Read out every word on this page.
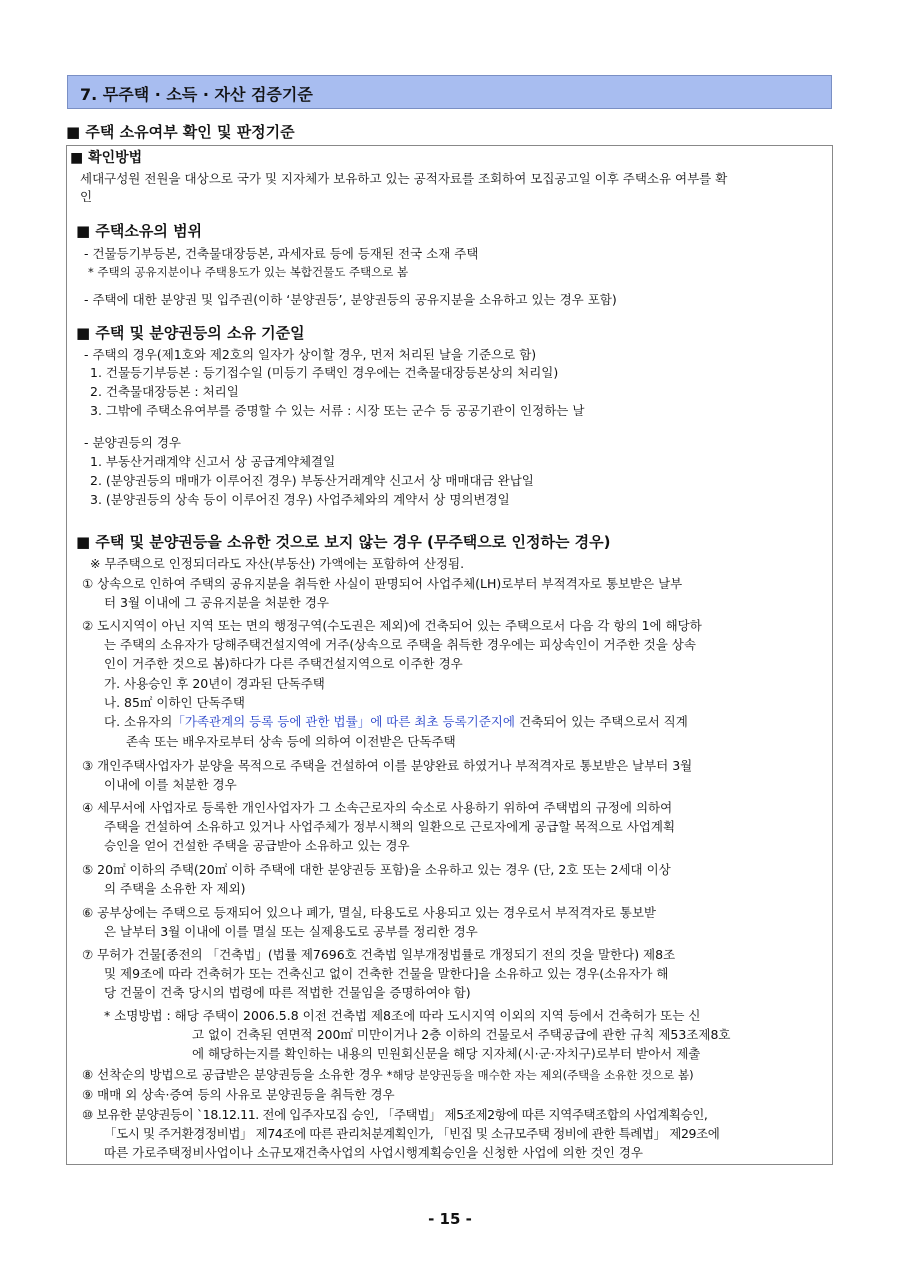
7. 무주택 · 소득 · 자산 검증기준
■ 주택 소유여부 확인 및 판정기준
■ 확인방법
세대구성원 전원을 대상으로 국가 및 지자체가 보유하고 있는 공적자료를 조회하여 모집공고일 이후 주택소유 여부를 확
인
■ 주택소유의 범위
- 건물등기부등본, 건축물대장등본, 과세자료 등에 등재된 전국 소재 주택
* 주택의 공유지분이나 주택용도가 있는 복합건물도 주택으로 봄
- 주택에 대한 분양권 및 입주권(이하 ‘분양권등’, 분양권등의 공유지분을 소유하고 있는 경우 포함)
■ 주택 및 분양권등의 소유 기준일
- 주택의 경우(제1호와 제2호의 일자가 상이할 경우, 먼저 처리된 날을 기준으로 함)
1. 건물등기부등본 : 등기접수일 (미등기 주택인 경우에는 건축물대장등본상의 처리일)
2. 건축물대장등본 : 처리일
3. 그밖에 주택소유여부를 증명할 수 있는 서류 : 시장 또는 군수 등 공공기관이 인정하는 날
- 분양권등의 경우
1. 부동산거래계약 신고서 상 공급계약체결일
2. (분양권등의 매매가 이루어진 경우) 부동산거래계약 신고서 상 매매대금 완납일
3. (분양권등의 상속 등이 이루어진 경우) 사업주체와의 계약서 상 명의변경일
■ 주택 및 분양권등을 소유한 것으로 보지 않는 경우 (무주택으로 인정하는 경우)
※ 무주택으로 인정되더라도 자산(부동산) 가액에는 포함하여 산정됨.
① 상속으로 인하여 주택의 공유지분을 취득한 사실이 판명되어 사업주체(LH)로부터 부적격자로 통보받은 날부
터 3월 이내에 그 공유지분을 처분한 경우
② 도시지역이 아닌 지역 또는 면의 행정구역(수도권은 제외)에 건축되어 있는 주택으로서 다음 각 항의 1에 해당하
는 주택의 소유자가 당해주택건설지역에 거주(상속으로 주택을 취득한 경우에는 피상속인이 거주한 것을 상속
인이 거주한 것으로 봄)하다가 다른 주택건설지역으로 이주한 경우
가. 사용승인 후 20년이 경과된 단독주택
나. 85㎡ 이하인 단독주택
다. 소유자의「가족관계의 등록 등에 관한 법률」에 따른 최초 등록기준지에 건축되어 있는 주택으로서 직계
존속 또는 배우자로부터 상속 등에 의하여 이전받은 단독주택
③ 개인주택사업자가 분양을 목적으로 주택을 건설하여 이를 분양완료 하였거나 부적격자로 통보받은 날부터 3월
이내에 이를 처분한 경우
④ 세무서에 사업자로 등록한 개인사업자가 그 소속근로자의 숙소로 사용하기 위하여 주택법의 규정에 의하여
주택을 건설하여 소유하고 있거나 사업주체가 정부시책의 일환으로 근로자에게 공급할 목적으로 사업계획
승인을 얻어 건설한 주택을 공급받아 소유하고 있는 경우
⑤ 20㎡ 이하의 주택(20㎡ 이하 주택에 대한 분양권등 포함)을 소유하고 있는 경우 (단, 2호 또는 2세대 이상
의 주택을 소유한 자 제외)
⑥ 공부상에는 주택으로 등재되어 있으나 폐가, 멸실, 타용도로 사용되고 있는 경우로서 부적격자로 통보받
은 날부터 3월 이내에 이를 멸실 또는 실제용도로 공부를 정리한 경우
⑦ 무허가 건물[종전의 「건축법」(법률 제7696호 건축법 일부개정법률로 개정되기 전의 것을 말한다) 제8조
및 제9조에 따라 건축허가 또는 건축신고 없이 건축한 건물을 말한다]을 소유하고 있는 경우(소유자가 해
당 건물이 건축 당시의 법령에 따른 적법한 건물임을 증명하여야 함)
* 소명방법 : 해당 주택이 2006.5.8 이전 건축법 제8조에 따라 도시지역 이외의 지역 등에서 건축허가 또는 신
고 없이 건축된 연면적 200㎡ 미만이거나 2층 이하의 건물로서 주택공급에 관한 규칙 제53조제8호
에 해당하는지를 확인하는 내용의 민원회신문을 해당 지자체(시·군·자치구)로부터 받아서 제출
⑧ 선착순의 방법으로 공급받은 분양권등을 소유한 경우 *해당 분양권등을 매수한 자는 제외(주택을 소유한 것으로 봄)
⑨ 매매 외 상속·증여 등의 사유로 분양권등을 취득한 경우
⑩ 보유한 분양권등이 `18.12.11. 전에 입주자모집 승인, 「주택법」 제5조제2항에 따른 지역주택조합의 사업계획승인,
「도시 및 주거환경정비법」 제74조에 따른 관리처분계획인가, 「빈집 및 소규모주택 정비에 관한 특례법」 제29조에
따른 가로주택정비사업이나 소규모재건축사업의 사업시행계획승인을 신청한 사업에 의한 것인 경우
- 15 -
